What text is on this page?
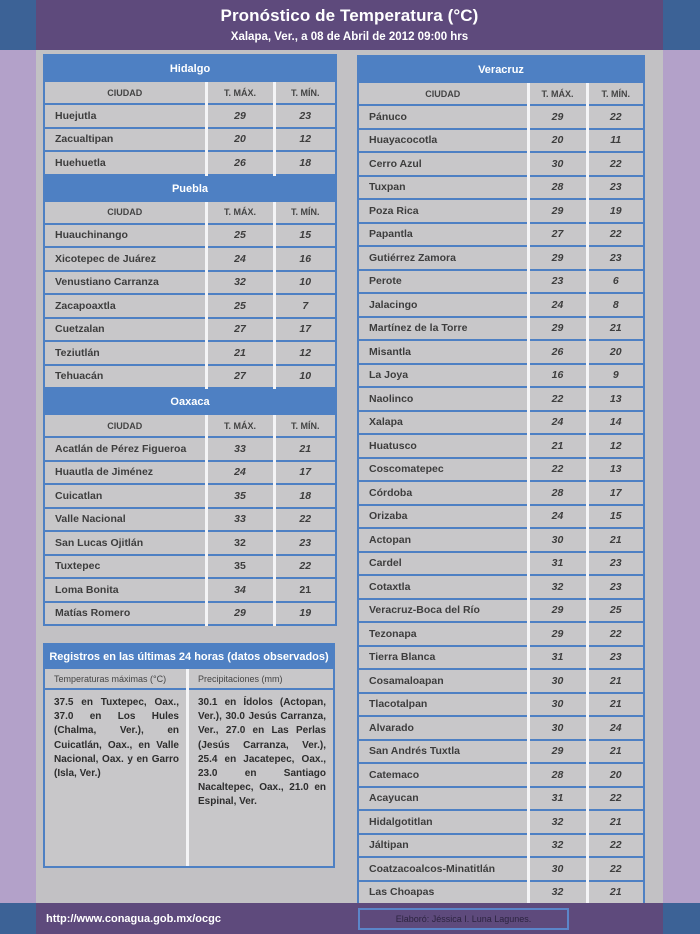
Pronóstico de Temperatura (°C)
Xalapa, Ver., a 08 de Abril de 2012 09:00 hrs
Hidalgo		
CIUDAD	T. MÁX.	T. MÍN.
Huejutla	29	23
Zacualtipan	20	12
Huehuetla	26	18
Puebla		
CIUDAD	T. MÁX.	T. MÍN.
Huauchinango	25	15
Xicotepec de Juárez	24	16
Venustiano Carranza	32	10
Zacapoaxtla	25	7
Cuetzalan	27	17
Teziutlán	21	12
Tehuacán	27	10
Oaxaca		
CIUDAD	T. MÁX.	T. MÍN.
Acatlán de Pérez Figueroa	33	21
Huautla de Jiménez	24	17
Cuicatlan	35	18
Valle Nacional	33	22
San Lucas Ojitlán	32	23
Tuxtepec	35	22
Loma Bonita	34	21
Matías Romero	29	19
Veracruz		
CIUDAD	T. MÁX.	T. MÍN.
Pánuco	29	22
Huayacocotla	20	11
Cerro Azul	30	22
Tuxpan	28	23
Poza Rica	29	19
Papantla	27	22
Gutiérrez Zamora	29	23
Perote	23	6
Jalacingo	24	8
Martínez de la Torre	29	21
Misantla	26	20
La Joya	16	9
Naolinco	22	13
Xalapa	24	14
Huatusco	21	12
Coscomatepec	22	13
Córdoba	28	17
Orizaba	24	15
Actopan	30	21
Cardel	31	23
Cotaxtla	32	23
Veracruz-Boca del Río	29	25
Tezonapa	29	22
Tierra Blanca	31	23
Cosamaloapan	30	21
Tlacotalpan	30	21
Alvarado	30	24
San Andrés Tuxtla	29	21
Catemaco	28	20
Acayucan	31	22
Hidalgotitlan	32	21
Jáltipan	32	22
Coatzacoalcos-Minatitlán	30	22
Las Choapas	32	21
Registros en las últimas 24 horas (datos observados)
Temperaturas máximas (°C)
37.5 en Tuxtepec, Oax., 37.0 en Los Hules (Chalma, Ver.), en Cuicatlán, Oax., en Valle Nacional, Oax. y en Garro (Isla, Ver.)
Precipitaciones (mm)
30.1 en Ídolos (Actopan, Ver.), 30.0 Jesús Carranza, Ver., 27.0 en Las Perlas (Jesús Carranza, Ver.), 25.4 en Jacatepec, Oax., 23.0 en Santiago Nacaltepec, Oax., 21.0 en Espinal, Ver.
http://www.conagua.gob.mx/ocgc	Elaboró: Jéssica I. Luna Lagunes.
